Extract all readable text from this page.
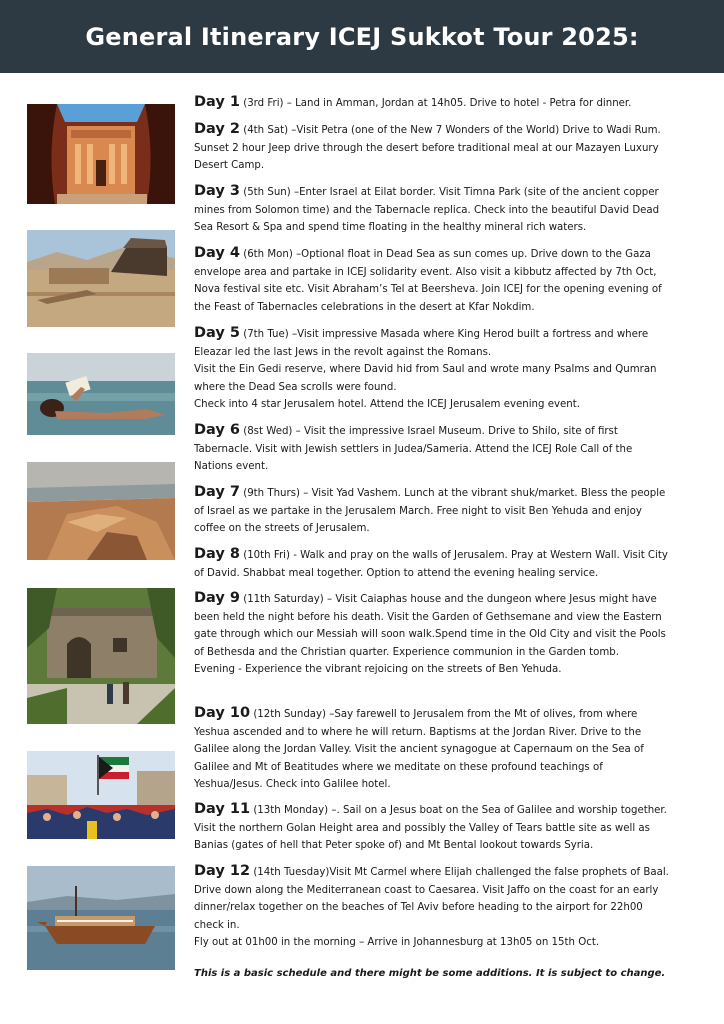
General Itinerary ICEJ Sukkot Tour 2025:

Day 1 (3rd Fri) – Land in Amman, Jordan at 14h05. Drive to hotel - Petra for dinner.

Day 2 (4th Sat) –Visit Petra (one of the New 7 Wonders of the World) Drive to Wadi Rum. Sunset 2 hour Jeep drive through the desert before traditional meal at our Mazayen Luxury Desert Camp.

Day 3 (5th Sun) –Enter Israel at Eilat border. Visit Timna Park (site of the ancient copper mines from Solomon time) and the Tabernacle replica. Check into the beautiful David Dead Sea Resort & Spa and spend time floating in the healthy mineral rich waters.

Day 4 (6th Mon) –Optional float in Dead Sea as sun comes up. Drive down to the Gaza envelope area and partake in ICEJ solidarity event. Also visit a kibbutz affected by 7th Oct, Nova festival site etc. Visit Abraham’s Tel at Beersheva. Join ICEJ for the opening evening of the Feast of Tabernacles celebrations in the desert at Kfar Nokdim.

Day 5 (7th Tue) –Visit impressive Masada where King Herod built a fortress and where Eleazar led the last Jews in the revolt against the Romans.

Visit the Ein Gedi reserve, where David hid from Saul and wrote many Psalms and Qumran where the Dead Sea scrolls were found.

Check into 4 star Jerusalem hotel. Attend the ICEJ Jerusalem evening event.

Day 6 (8st Wed) – Visit the impressive Israel Museum. Drive to Shilo, site of first Tabernacle. Visit with Jewish settlers in Judea/Sameria. Attend the ICEJ Role Call of the Nations event.

Day 7 (9th Thurs) – Visit Yad Vashem. Lunch at the vibrant shuk/market. Bless the people of Israel as we partake in the Jerusalem March. Free night to visit Ben Yehuda and enjoy coffee on the streets of Jerusalem.

Day 8 (10th Fri) - Walk and pray on the walls of Jerusalem. Pray at Western Wall. Visit City of David. Shabbat meal together. Option to attend the evening healing service.

Day 9 (11th Saturday) – Visit Caiaphas house and the dungeon where Jesus might have been held the night before his death. Visit the Garden of Gethsemane and view the Eastern gate through which our Messiah will soon walk.Spend time in the Old City and visit the Pools of Bethesda and the Christian quarter. Experience communion in the Garden tomb.

Evening - Experience the vibrant rejoicing on the streets of Ben Yehuda.

Day 10 (12th Sunday) –Say farewell to Jerusalem from the Mt of olives, from where Yeshua ascended and to where he will return. Baptisms at the Jordan River. Drive to the Galilee along the Jordan Valley. Visit the ancient synagogue at Capernaum on the Sea of Galilee and Mt of Beatitudes where we meditate on these profound teachings of Yeshua/Jesus. Check into Galilee hotel.

Day 11 (13th Monday) –. Sail on a Jesus boat on the Sea of Galilee and worship together. Visit the northern Golan Height area and possibly the Valley of Tears battle site as well as Banias (gates of hell that Peter spoke of) and Mt Bental lookout towards Syria.

Day 12 (14th Tuesday)Visit Mt Carmel where Elijah challenged the false prophets of Baal. Drive down along the Mediterranean coast to Caesarea. Visit Jaffo on the coast for an early dinner/relax together on the beaches of Tel Aviv before heading to the airport for 22h00 check in.

Fly out at 01h00 in the morning – Arrive in Johannesburg at 13h05 on 15th Oct.

This is a basic schedule and there might be some additions. It is subject to change.
